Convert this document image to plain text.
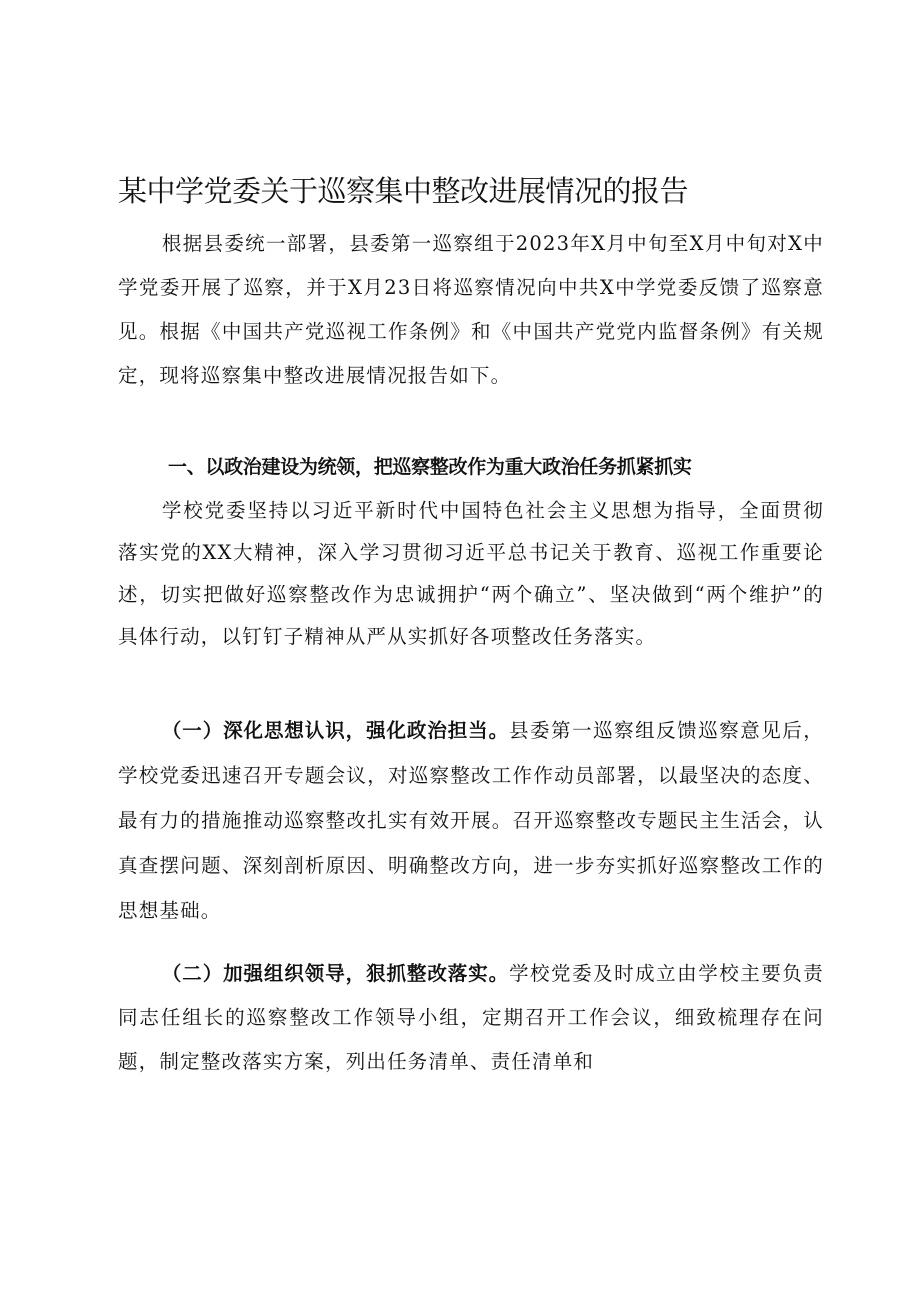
某中学党委关于巡察集中整改进展情况的报告

根据县委统一部署，县委第一巡察组于2023年X月中旬至X月中旬对X中学党委开展了巡察，并于X月23日将巡察情况向中共X中学党委反馈了巡察意见。根据《中国共产党巡视工作条例》和《中国共产党党内监督条例》有关规定，现将巡察集中整改进展情况报告如下。

一、以政治建设为统领，把巡察整改作为重大政治任务抓紧抓实

学校党委坚持以习近平新时代中国特色社会主义思想为指导，全面贯彻落实党的XX大精神，深入学习贯彻习近平总书记关于教育、巡视工作重要论述，切实把做好巡察整改作为忠诚拥护“两个确立”、坚决做到“两个维护”的具体行动，以钉钉子精神从严从实抓好各项整改任务落实。

（一）深化思想认识，强化政治担当。县委第一巡察组反馈巡察意见后，学校党委迅速召开专题会议，对巡察整改工作作动员部署，以最坚决的态度、最有力的措施推动巡察整改扎实有效开展。召开巡察整改专题民主生活会，认真查摆问题、深刻剖析原因、明确整改方向，进一步夯实抓好巡察整改工作的思想基础。

（二）加强组织领导，狠抓整改落实。学校党委及时成立由学校主要负责同志任组长的巡察整改工作领导小组，定期召开工作会议，细致梳理存在问题，制定整改落实方案，列出任务清单、责任清单和
